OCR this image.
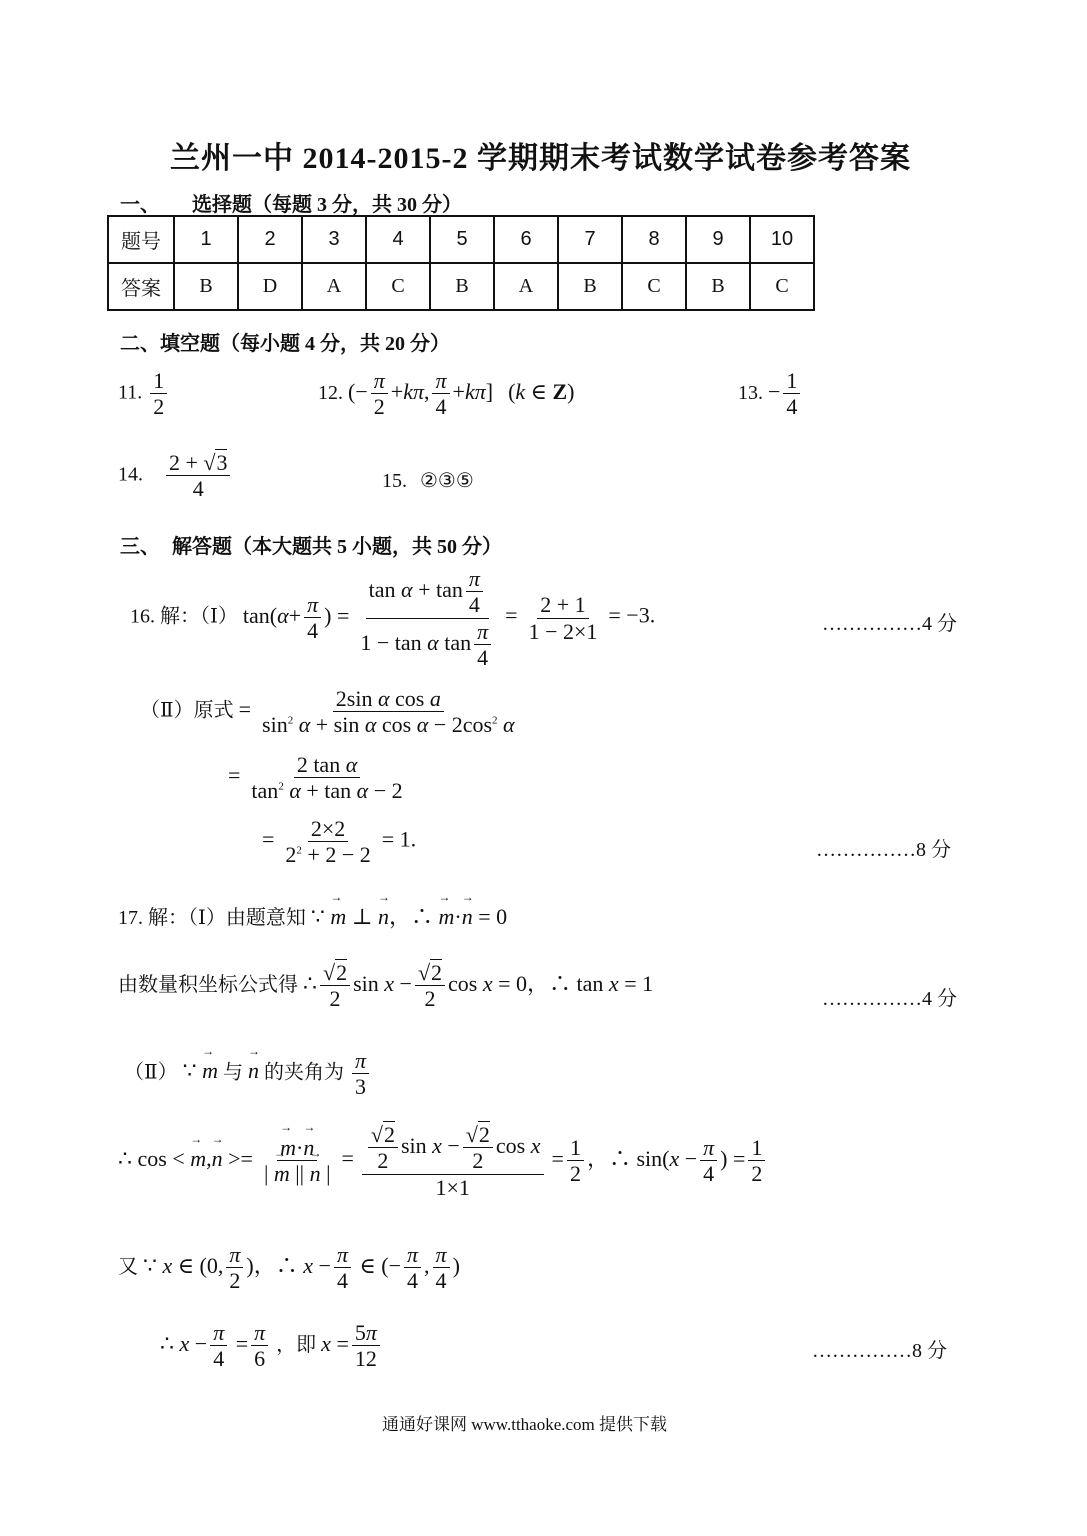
兰州一中 2014-2015-2 学期期末考试数学试卷参考答案
一、 选择题（每题 3 分，共 30 分）
题号	1	2	3	4	5	6	7	8	9	10
答案	B	D	A	C	B	A	B	C	B	C
二、填空题（每小题 4 分，共 20 分）
11. $\frac{1}{2}$	12. (− $\frac{\pi}{2} +k\pi$, $\frac{\pi}{4} +k\pi$] (k ∈ Z)	13. − $\frac{1}{4}$
14. $\frac{2 + √3}{4}$	15. ②③⑤
三、 解答题（本大题共 5 小题，共 50 分）
16. 解：（Ⅰ） $\tan(\alpha+ \frac{\pi}{4}$ ) = $\frac{\tan \alpha + \tan \frac{\pi}{4}}{1 - \tan \alpha \tan \frac{\pi}{4}} = \frac{2 + 1}{1 - 2\times 1} = -3$.	……………4 分
（Ⅱ）原式 = $\frac{\text{2sin α cos a}}{\sin^2 \alpha + \sin \alpha \cos \alpha - 2\cos^2 \alpha}$
= $\frac{\text{2 tan α}}{\tan^2 \alpha + \tan \alpha - 2}$
= $\frac{2\times 2}{2^2 + 2 - 2} = 1$.	……………8 分
17. 解：（Ⅰ）由题意知 ∵ → m ⊥ → n，∴ → m·→ n = 0
由数量积坐标公式得 ∴ $\frac{√2}{2}$ $\sin x - \frac{√2}{2}$ cos x = 0，∴ tan x = 1
……………4 分
（Ⅱ） ∵ → m 与 → n 的夹角为 $\frac{\pi}{3}$
∴ cos < → m,→ n >= → $\frac{m\cdot\to n}{| \to m || \to n |} = \frac{\frac{√2}{2} \sin x - \frac{√2}{2} \cos x}{1\times 1} = \frac{1}{2}$ ，∴ $\sin(x - \frac{\pi}{4}$ ) = $\frac{1}{2}$
又 ∵ x ∈ (0, $\frac{\pi}{2}$ )，∴ $x - \frac{\pi}{4}$ ∈ (− $\frac{\pi}{4}$ , $\frac{\pi}{4}$ )
∴ $x - \frac{\pi}{4} = \frac{\pi}{6}$ ，即 $x = \frac{5\pi}{12}$	……………8 分
通通好课网 www.tthaoke.com 提供下载
